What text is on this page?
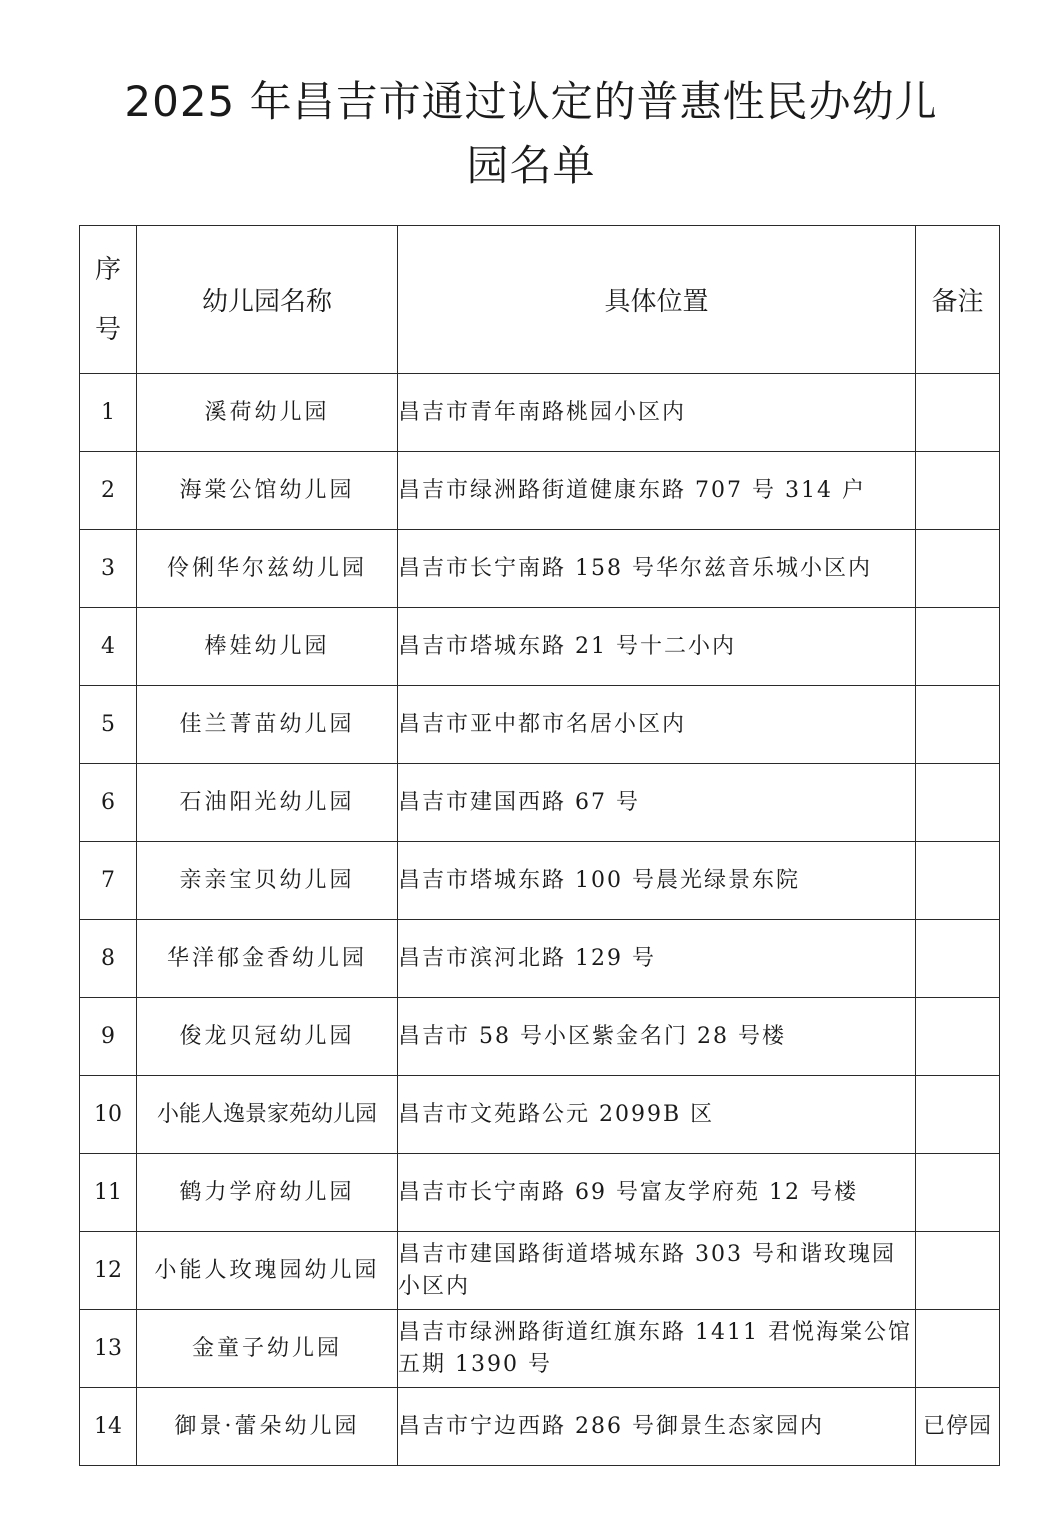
2025 年昌吉市通过认定的普惠性民办幼儿
园名单
序号	幼儿园名称	具体位置	备注
1	溪荷幼儿园	昌吉市青年南路桃园小区内	
2	海棠公馆幼儿园	昌吉市绿洲路街道健康东路 707 号 314 户	
3	伶俐华尔兹幼儿园	昌吉市长宁南路 158 号华尔兹音乐城小区内	
4	棒娃幼儿园	昌吉市塔城东路 21 号十二小内	
5	佳兰菁苗幼儿园	昌吉市亚中都市名居小区内	
6	石油阳光幼儿园	昌吉市建国西路 67 号	
7	亲亲宝贝幼儿园	昌吉市塔城东路 100 号晨光绿景东院	
8	华洋郁金香幼儿园	昌吉市滨河北路 129 号	
9	俊龙贝冠幼儿园	昌吉市 58 号小区紫金名门 28 号楼	
10	小能人逸景家苑幼儿园	昌吉市文苑路公元 2099B 区	
11	鹤力学府幼儿园	昌吉市长宁南路 69 号富友学府苑 12 号楼	
12	小能人玫瑰园幼儿园	昌吉市建国路街道塔城东路 303 号和谐玫瑰园小区内	
13	金童子幼儿园	昌吉市绿洲路街道红旗东路 1411 君悦海棠公馆五期 1390 号	
14	御景·蕾朵幼儿园	昌吉市宁边西路 286 号御景生态家园内	已停园
